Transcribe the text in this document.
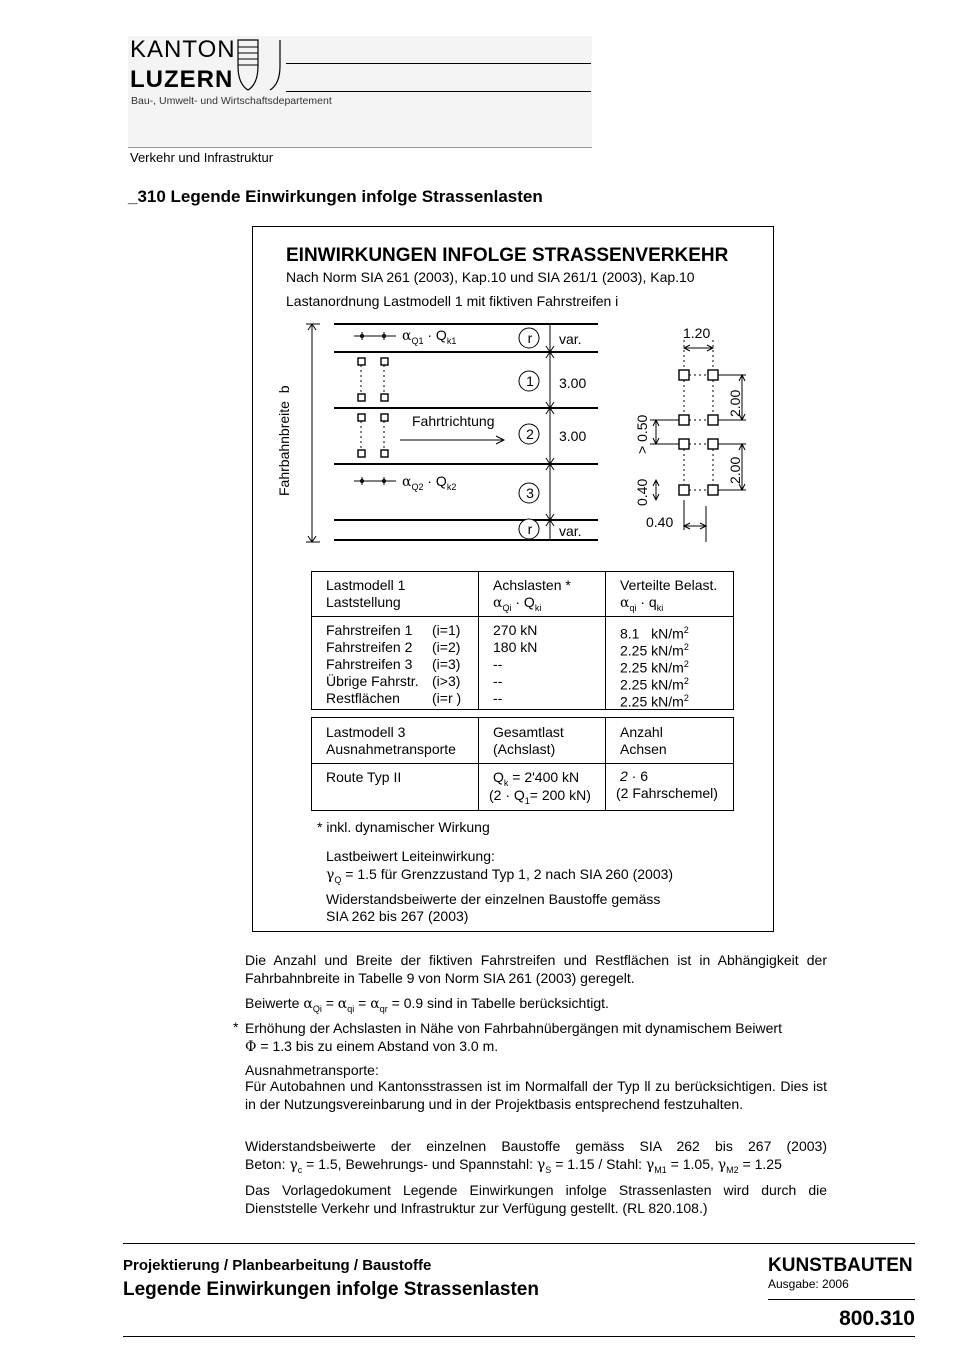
KANTON
LUZERN
Bau-, Umwelt- und Wirtschaftsdepartement
Verkehr und Infrastruktur
_310 Legende Einwirkungen infolge Strassenlasten
EINWIRKUNGEN INFOLGE STRASSENVERKEHR
Nach Norm SIA 261 (2003), Kap.10 und SIA 261/1 (2003), Kap.10
Lastanordnung Lastmodell 1 mit fiktiven Fahrstreifen i
Fahrbahnbreite  b
$\alpha_{Q1} \cdot Q_{k1}$
$\alpha_{Q2} \cdot Q_{k2}$
Fahrtrichtung
r
1
2
3
r
var.
3.00
3.00
var.
1.20
2.00
2.00
> 0.50
0.40
0.40
Lastmodell 1
Laststellung
Achslasten *
$\alpha_{Qi} \cdot Q_{ki}$
Verteilte Belast.
$\alpha_{qi} \cdot q_{ki}$
Fahrstreifen 1
Fahrstreifen 2
Fahrstreifen 3
Übrige Fahrstr.
Restflächen
(i=1)
(i=2)
(i=3)
(i>3)
(i=r )
270 kN
180 kN
--
--
--
8.1   $kN/m^2$
2.25 $kN/m^2$
2.25 $kN/m^2$
2.25 $kN/m^2$
2.25 $kN/m^2$
Lastmodell 3
Ausnahmetransporte
Gesamtlast
(Achslast)
Anzahl
Achsen
Route Typ II	$Q_k = 2'400$ kN
($2 \cdot Q_1= 200$ kN)
2 · 6
(2 Fahrschemel)
* inkl. dynamischer Wirkung
Lastbeiwert Leiteinwirkung:
$\gamma_Q = 1.5$ für Grenzzustand Typ 1, 2 nach SIA 260 (2003)
Widerstandsbeiwerte der einzelnen Baustoffe gemäss
SIA 262 bis 267 (2003)
Die Anzahl und Breite der fiktiven Fahrstreifen und Restflächen ist in Abhängigkeit der Fahrbahnbreite in Tabelle 9 von Norm SIA 261 (2003) geregelt.
Beiwerte $\alpha_{Qi} = \alpha_{qi} = \alpha_{qr} = 0.9$ sind in Tabelle berücksichtigt.
* Erhöhung der Achslasten in Nähe von Fahrbahnübergängen mit dynamischem Beiwert
Φ = 1.3 bis zu einem Abstand von 3.0 m.
Ausnahmetransporte:
Für Autobahnen und Kantonsstrassen ist im Normalfall der Typ ll zu berücksichtigen. Dies ist in der Nutzungsvereinbarung und in der Projektbasis entsprechend festzuhalten.
Widerstandsbeiwerte der einzelnen Baustoffe gemäss SIA 262 bis 267 (2003)
Beton: $\gamma_c = 1.5$, Bewehrungs- und Spannstahl: $\gamma_S = 1.15$ / Stahl: $\gamma_{M1} = 1.05$, $\gamma_{M2} = 1.25$
Das Vorlagedokument Legende Einwirkungen infolge Strassenlasten wird durch die Dienststelle Verkehr und Infrastruktur zur Verfügung gestellt. (RL 820.108.)
Projektierung / Planbearbeitung / Baustoffe
Legende Einwirkungen infolge Strassenlasten
KUNSTBAUTEN
Ausgabe: 2006
800.310
